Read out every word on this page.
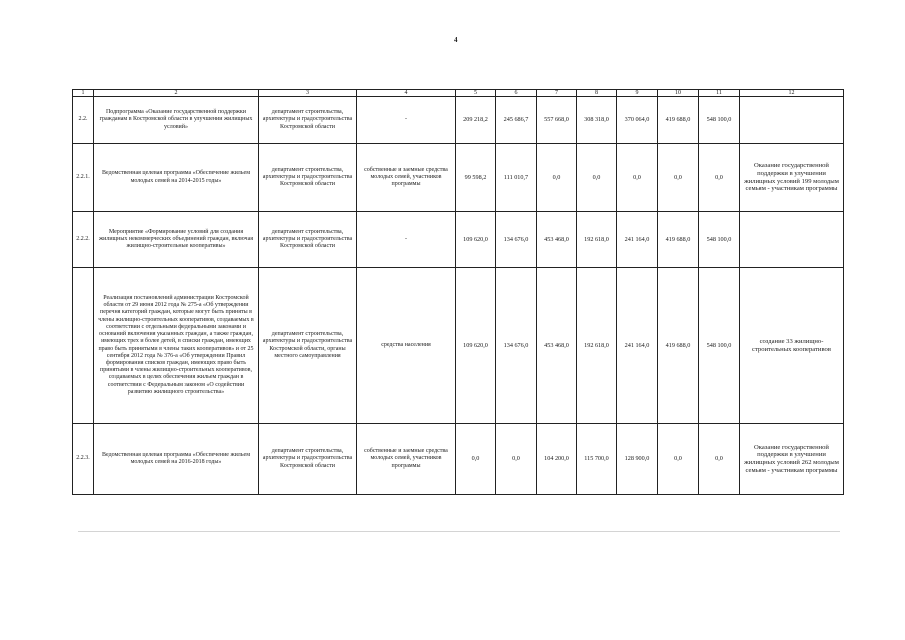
4
1	2	3	4	5	6	7	8	9	10	11	12
2.2.	Подпрограмма «Оказание государственной поддержки гражданам в Костромской области в улучшении жилищных условий»	департамент строительства, архитектуры и градостроительства Костромской области	-	209 218,2	245 686,7	557 668,0	308 318,0	370 064,0	419 688,0	548 100,0	
2.2.1.	Ведомственная целевая программа «Обеспечение жильем молодых семей на 2014-2015 годы»	департамент строительства, архитектуры и градостроительства Костромской области	собственные и заемные средства молодых семей, участников программы	99 598,2	111 010,7	0,0	0,0	0,0	0,0	0,0	Оказание государственной поддержки в улучшении жилищных условий 199 молодым семьям - участникам программы
2.2.2.	Мероприятие «Формирование условий для создания жилищных некоммерческих объединений граждан, включая жилищно-строительные кооперативы»	департамент строительства, архитектуры и градостроительства Костромской области	-	109 620,0	134 676,0	453 468,0	192 618,0	241 164,0	419 688,0	548 100,0	
	Реализация постановлений администрации Костромской области от 29 июня 2012 года № 275-а «Об утверждении перечня категорий граждан, которые могут быть приняты в члены жилищно-строительных кооперативов, создаваемых в соответствии с отдельными федеральными законами и оснований включения указанных граждан, а также граждан, имеющих трех и более детей, в списки граждан, имеющих право быть принятыми в члены таких кооперативов» и от 25 сентября 2012 года № 376-а «Об утверждении Правил формирования списков граждан, имеющих право быть принятыми в члены жилищно-строительных кооперативов, создаваемых в целях обеспечения жильем граждан в соответствии с Федеральным законом «О содействии развитию жилищного строительства»	департамент строительства, архитектуры и градостроительства Костромской области, органы местного самоуправления	средства населения	109 620,0	134 676,0	453 468,0	192 618,0	241 164,0	419 688,0	548 100,0	создание 33 жилищно-строительных кооперативов
2.2.3.	Ведомственная целевая программа «Обеспечение жильем молодых семей на 2016-2018 годы»	департамент строительства, архитектуры и градостроительства Костромской области	собственные и заемные средства молодых семей, участников программы	0,0	0,0	104 200,0	115 700,0	128 900,0	0,0	0,0	Оказание государственной поддержки в улучшении жилищных условий 262 молодым семьям - участникам программы
